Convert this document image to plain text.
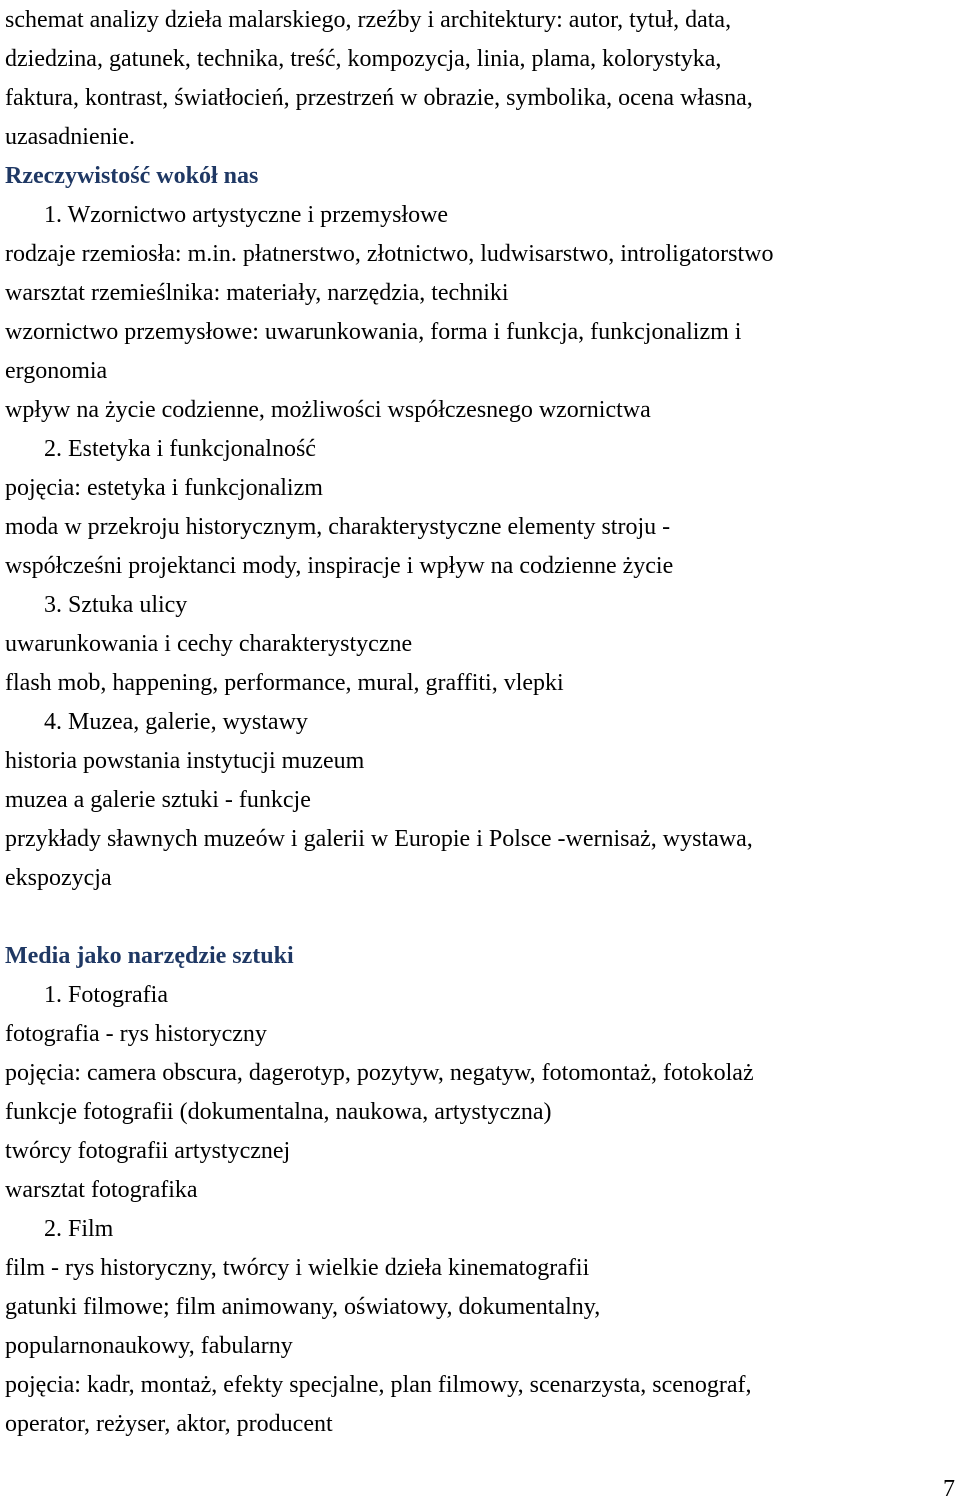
schemat analizy dzieła malarskiego, rzeźby i architektury: autor, tytuł, data,
dziedzina, gatunek, technika, treść, kompozycja, linia, plama, kolorystyka,
faktura, kontrast, światłocień, przestrzeń w obrazie, symbolika, ocena własna,
uzasadnienie.
Rzeczywistość wokół nas
1. Wzornictwo artystyczne i przemysłowe
rodzaje rzemiosła: m.in. płatnerstwo, złotnictwo, ludwisarstwo, introligatorstwo
warsztat rzemieślnika: materiały, narzędzia, techniki
wzornictwo przemysłowe: uwarunkowania, forma i funkcja, funkcjonalizm i
ergonomia
wpływ na życie codzienne, możliwości współczesnego wzornictwa
2. Estetyka i funkcjonalność
pojęcia: estetyka i funkcjonalizm
moda w przekroju historycznym, charakterystyczne elementy stroju -
współcześni projektanci mody, inspiracje i wpływ na codzienne życie
3. Sztuka ulicy
uwarunkowania i cechy charakterystyczne
flash mob, happening, performance, mural, graffiti, vlepki
4. Muzea, galerie, wystawy
historia powstania instytucji muzeum
muzea a galerie sztuki - funkcje
przykłady sławnych muzeów i galerii w Europie i Polsce -wernisaż, wystawa,
ekspozycja
Media jako narzędzie sztuki
1. Fotografia
fotografia - rys historyczny
pojęcia: camera obscura, dagerotyp, pozytyw, negatyw, fotomontaż, fotokolaż
funkcje fotografii (dokumentalna, naukowa, artystyczna)
twórcy fotografii artystycznej
warsztat fotografika
2. Film
film - rys historyczny, twórcy i wielkie dzieła kinematografii
gatunki filmowe; film animowany, oświatowy, dokumentalny,
popularnonaukowy, fabularny
pojęcia: kadr, montaż, efekty specjalne, plan filmowy, scenarzysta, scenograf,
operator, reżyser, aktor, producent
7
